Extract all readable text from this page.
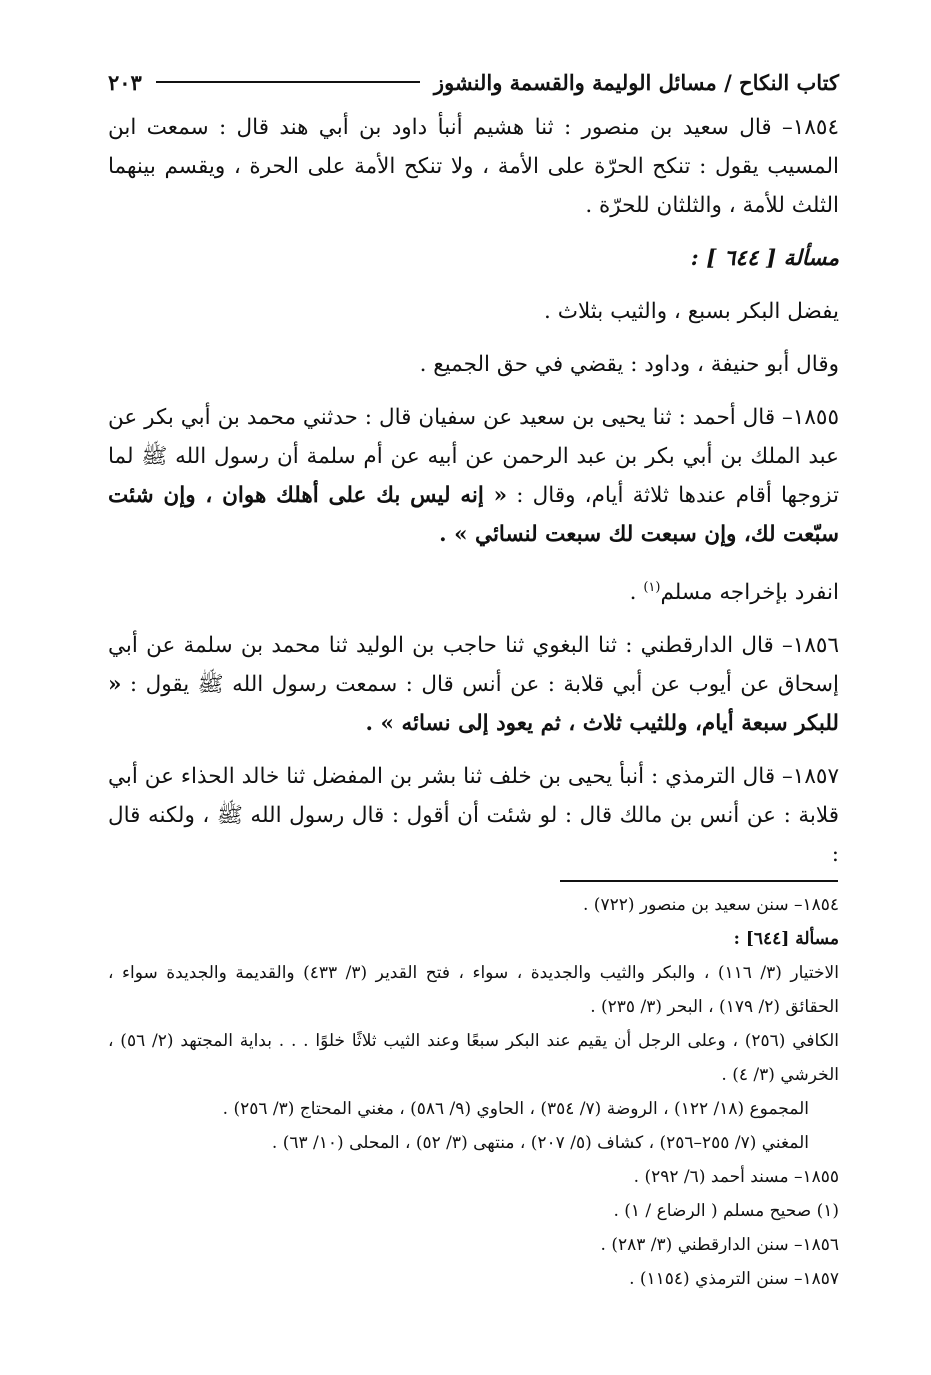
كتاب النكاح / مسائل الوليمة والقسمة والنشوز
٢٠٣

١٨٥٤– قال سعيد بن منصور : ثنا هشيم أنبأ داود بن أبي هند قال : سمعت ابن المسيب يقول : تنكح الحرّة على الأمة ، ولا تنكح الأمة على الحرة ، ويقسم بينهما الثلث للأمة ، والثلثان للحرّة .

مسألة [ ٦٤٤ ] :

يفضل البكر بسبع ، والثيب بثلاث .

وقال أبو حنيفة ، وداود : يقضي في حق الجميع .

١٨٥٥– قال أحمد : ثنا يحيى بن سعيد عن سفيان قال : حدثني محمد بن أبي بكر عن عبد الملك بن أبي بكر بن عبد الرحمن عن أبيه عن أم سلمة أن رسول الله ﷺ لما تزوجها أقام عندها ثلاثة أيام، وقال : « إنه ليس بك على أهلك هوان ، وإن شئت سبّعت لك، وإن سبعت لك سبعت لنسائي » .

انفرد بإخراجه مسلم$^{(١)}$ .

١٨٥٦– قال الدارقطني : ثنا البغوي ثنا حاجب بن الوليد ثنا محمد بن سلمة عن أبي إسحاق عن أيوب عن أبي قلابة : عن أنس قال : سمعت رسول الله ﷺ يقول : « للبكر سبعة أيام، وللثيب ثلاث ، ثم يعود إلى نسائه » .

١٨٥٧– قال الترمذي : أنبأ يحيى بن خلف ثنا بشر بن المفضل ثنا خالد الحذاء عن أبي قلابة : عن أنس بن مالك قال : لو شئت أن أقول : قال رسول الله ﷺ ، ولكنه قال :

١٨٥٤– سنن سعيد بن منصور (٧٢٢) .

مسألة [٦٤٤] :

الاختيار (٣/ ١١٦) ، والبكر والثيب والجديدة ، سواء ، فتح القدير (٣/ ٤٣٣) والقديمة والجديدة سواء ، الحقائق (٢/ ١٧٩) ، البحر (٣/ ٢٣٥) .

الكافي (٢٥٦) ، وعلى الرجل أن يقيم عند البكر سبعًا وعند الثيب ثلاثًا خلوًا . . . بداية المجتهد (٢/ ٥٦) ، الخرشي (٣/ ٤) .

المجموع (١٨/ ١٢٢) ، الروضة (٧/ ٣٥٤) ، الحاوي (٩/ ٥٨٦) ، مغني المحتاج (٣/ ٢٥٦) .

المغني (٧/ ٢٥٥–٢٥٦) ، كشاف (٥/ ٢٠٧) ، منتهى (٣/ ٥٢) ، المحلى (١٠/ ٦٣) .

١٨٥٥– مسند أحمد (٦/ ٢٩٢) .

(١) صحيح مسلم ( الرضاع / ١) .

١٨٥٦– سنن الدارقطني (٣/ ٢٨٣) .

١٨٥٧– سنن الترمذي (١١٥٤) .
